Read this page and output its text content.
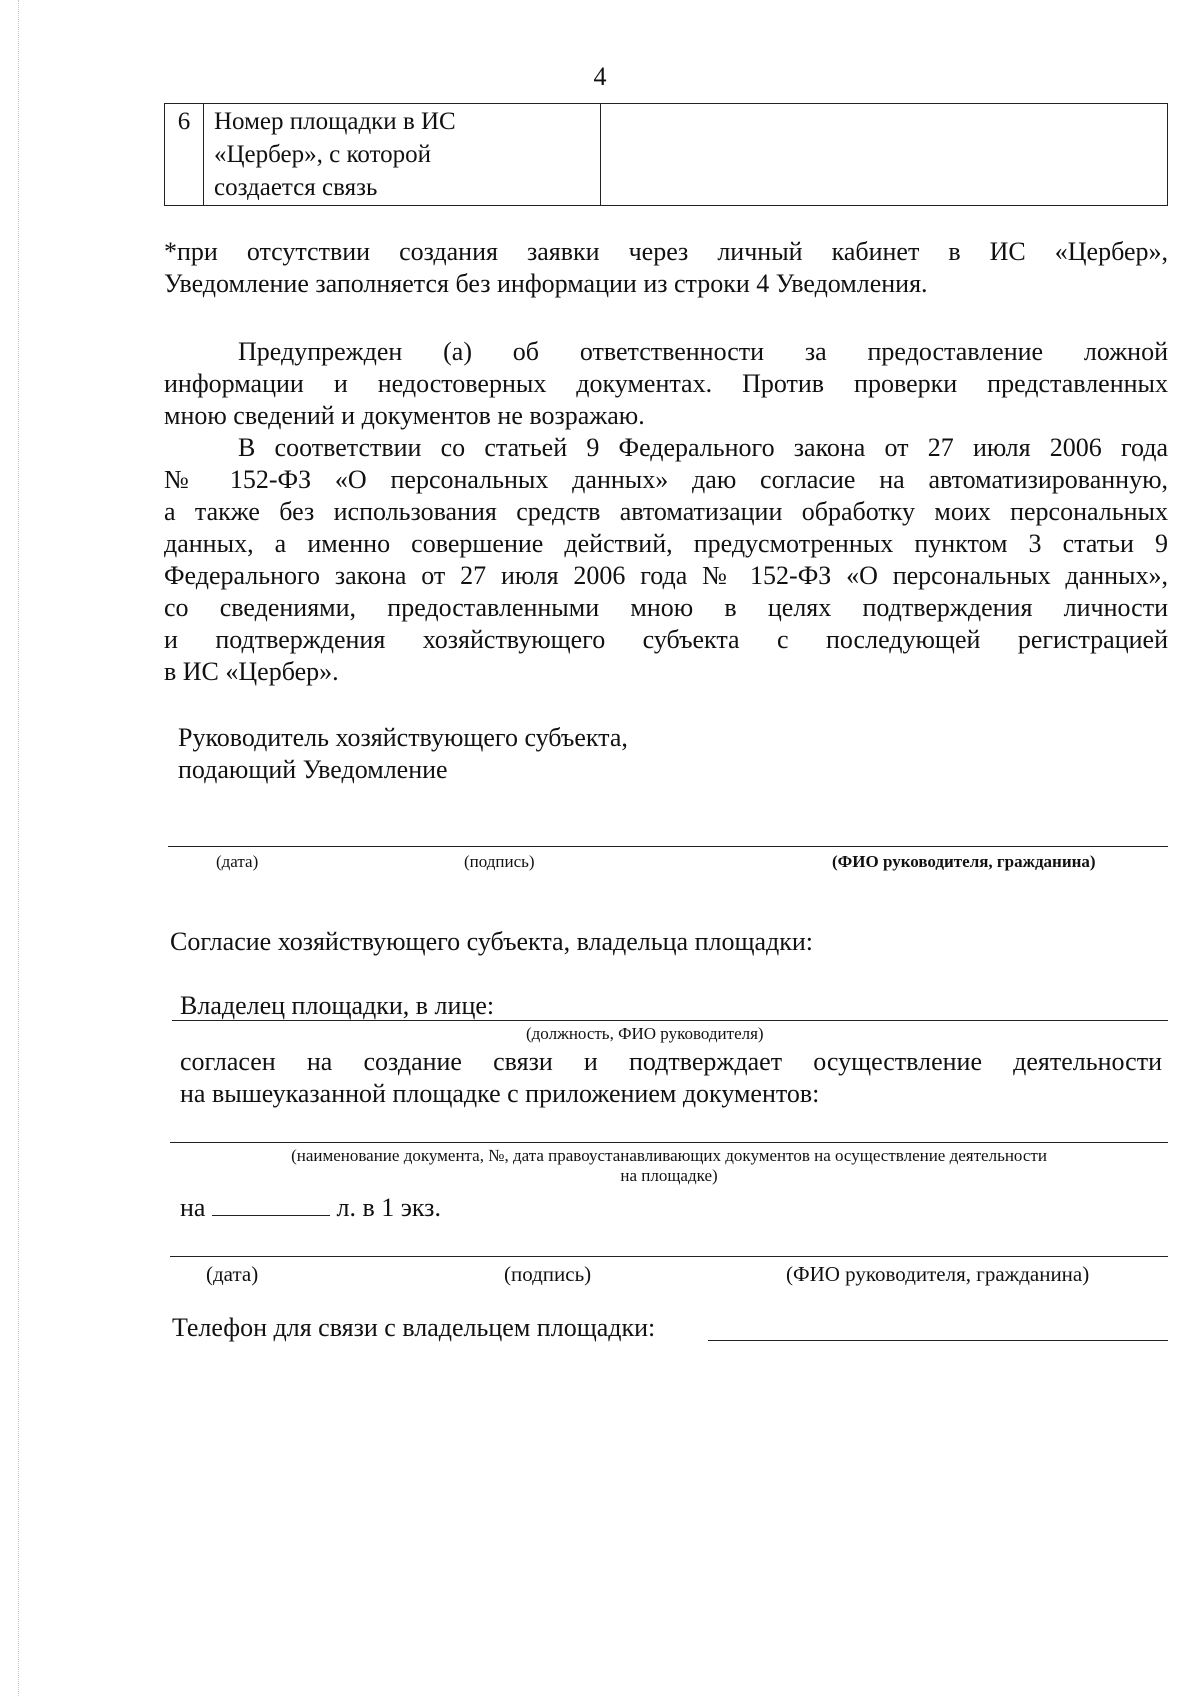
4
6	Номер площадки в ИС
«Цербер», с которой
создается связь

*при отсутствии создания заявки через личный кабинет в ИС «Цербер»,
Уведомление заполняется без информации из строки 4 Уведомления.
Предупрежден (а) об ответственности за предоставление ложной
информации и недостоверных документах. Против проверки представленных
мною сведений и документов не возражаю.
В соответствии со статьей 9 Федерального закона от 27 июля 2006 года
№ 152-ФЗ «О персональных данных» даю согласие на автоматизированную,
а также без использования средств автоматизации обработку моих персональных
данных, а именно совершение действий, предусмотренных пунктом 3 статьи 9
Федерального закона от 27 июля 2006 года № 152-ФЗ «О персональных данных»,
со сведениями, предоставленными мною в целях подтверждения личности
и подтверждения хозяйствующего субъекта с последующей регистрацией
в ИС «Цербер».
Руководитель хозяйствующего субъекта,
подающий Уведомление
(дата)	(подпись)	(ФИО руководителя, гражданина)
Согласие хозяйствующего субъекта, владельца площадки:
Владелец площадки, в лице:
(должность, ФИО руководителя)
согласен на создание связи и подтверждает осуществление деятельности
на вышеуказанной площадке с приложением документов:
(наименование документа, №, дата правоустанавливающих документов на осуществление деятельности
на площадке)
на	л. в 1 экз.
(дата)	(подпись)	(ФИО руководителя, гражданина)
Телефон для связи с владельцем площадки:
